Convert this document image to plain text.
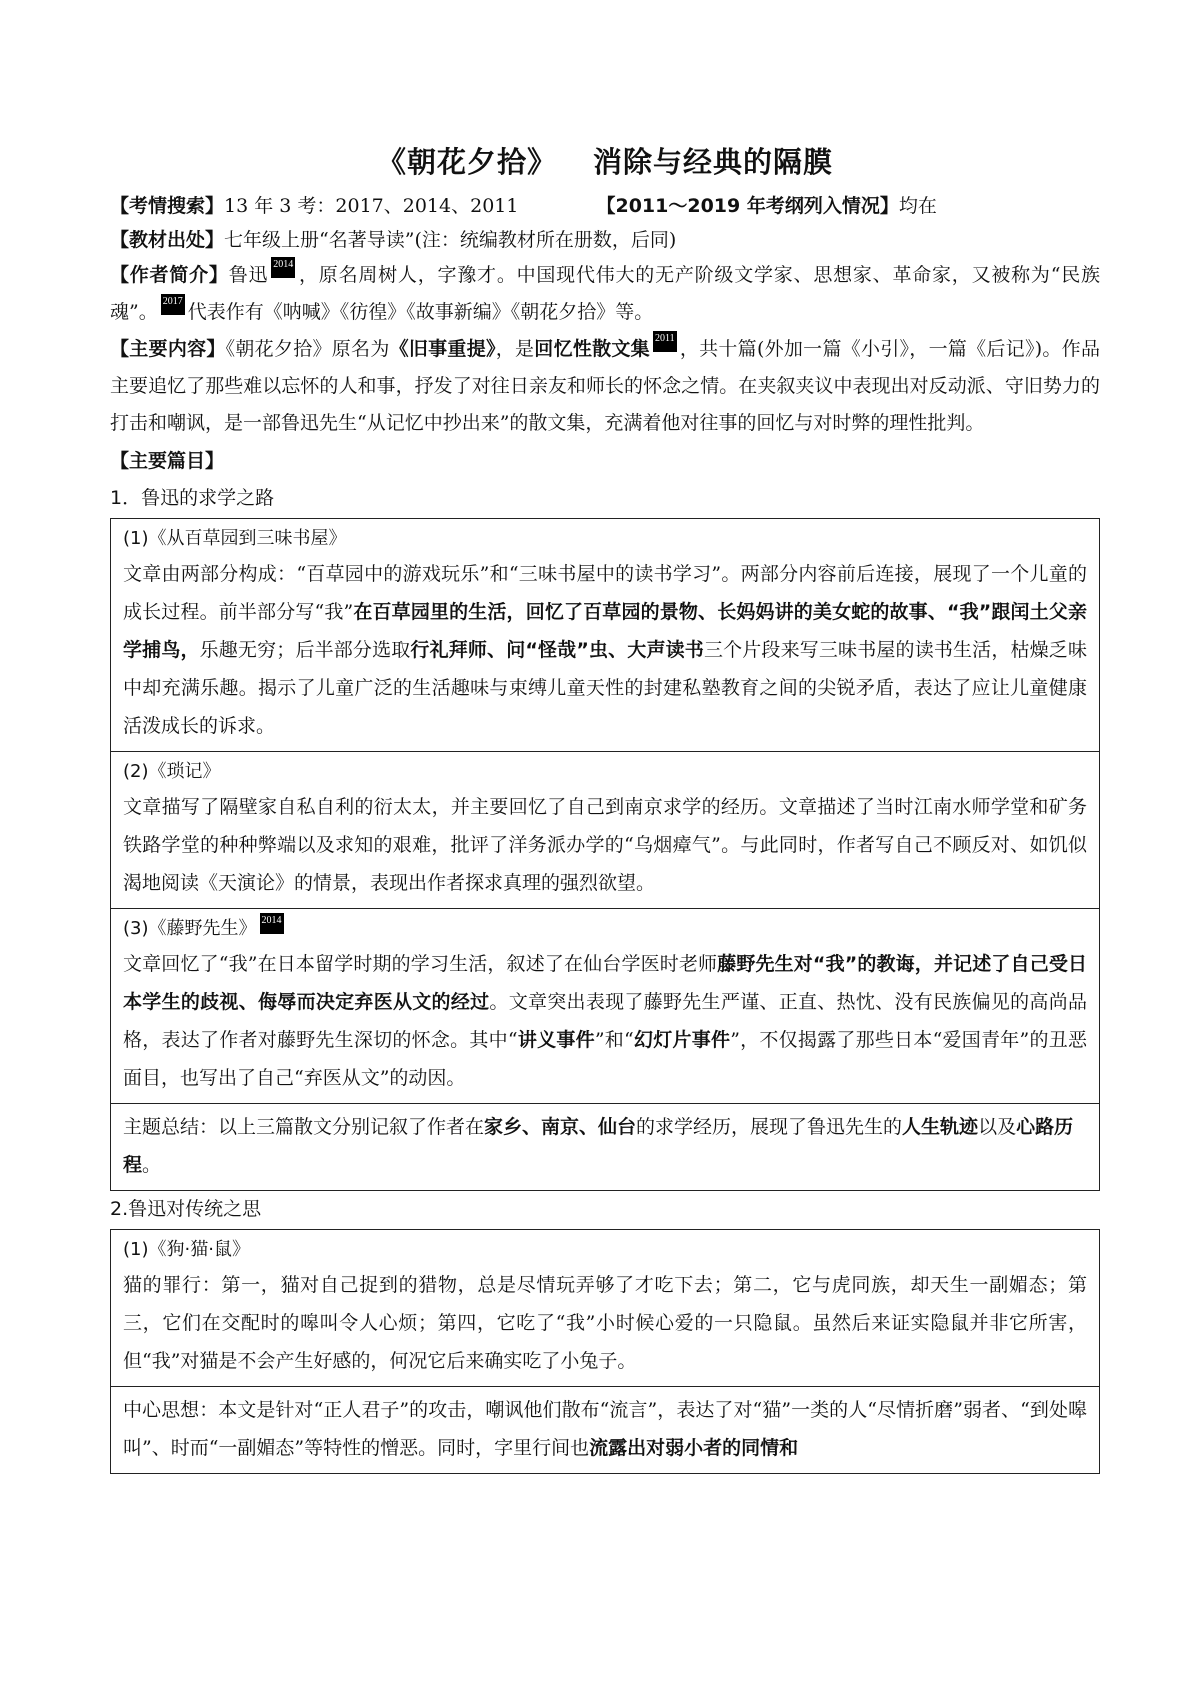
《朝花夕拾》 消除与经典的隔膜

【考情搜索】13 年 3 考：2017、2014、2011	【2011～2019 年考纲列入情况】均在

【教材出处】七年级上册“名著导读”(注：统编教材所在册数，后同)

【作者简介】鲁迅 2014 ，原名周树人，字豫才。中国现代伟大的无产阶级文学家、思想家、革命家，又被称为“民族魂”。 2017 代表作有《呐喊》《彷徨》《故事新编》《朝花夕拾》等。

【主要内容】《朝花夕拾》原名为《旧事重提》，是回忆性散文集 2011 ，共十篇(外加一篇《小引》，一篇《后记》)。作品主要追忆了那些难以忘怀的人和事，抒发了对往日亲友和师长的怀念之情。在夹叙夹议中表现出对反动派、守旧势力的打击和嘲讽，是一部鲁迅先生“从记忆中抄出来”的散文集，充满着他对往事的回忆与对时弊的理性批判。

【主要篇目】

1．鲁迅的求学之路

(1)《从百草园到三味书屋》
文章由两部分构成：“百草园中的游戏玩乐”和“三味书屋中的读书学习”。两部分内容前后连接，展现了一个儿童的成长过程。前半部分写“我”在百草园里的生活，回忆了百草园的景物、长妈妈讲的美女蛇的故事、“我”跟闰土父亲学捕鸟，乐趣无穷；后半部分选取行礼拜师、问“怪哉”虫、大声读书三个片段来写三味书屋的读书生活，枯燥乏味中却充满乐趣。揭示了儿童广泛的生活趣味与束缚儿童天性的封建私塾教育之间的尖锐矛盾，表达了应让儿童健康活泼成长的诉求。
(2)《琐记》
文章描写了隔壁家自私自利的衍太太，并主要回忆了自己到南京求学的经历。文章描述了当时江南水师学堂和矿务铁路学堂的种种弊端以及求知的艰难，批评了洋务派办学的“乌烟瘴气”。与此同时，作者写自己不顾反对、如饥似渴地阅读《天演论》的情景，表现出作者探求真理的强烈欲望。
(3)《藤野先生》 2014
文章回忆了“我”在日本留学时期的学习生活，叙述了在仙台学医时老师藤野先生对“我”的教诲，并记述了自己受日本学生的歧视、侮辱而决定弃医从文的经过。文章突出表现了藤野先生严谨、正直、热忱、没有民族偏见的高尚品格，表达了作者对藤野先生深切的怀念。其中“讲义事件”和“幻灯片事件”，不仅揭露了那些日本“爱国青年”的丑恶面目，也写出了自己“弃医从文”的动因。
主题总结：以上三篇散文分别记叙了作者在家乡、南京、仙台的求学经历，展现了鲁迅先生的人生轨迹以及心路历程。

2.鲁迅对传统之思

(1)《狗·猫·鼠》
猫的罪行：第一，猫对自己捉到的猎物，总是尽情玩弄够了才吃下去；第二，它与虎同族，却天生一副媚态；第三，它们在交配时的嗥叫令人心烦；第四，它吃了“我”小时候心爱的一只隐鼠。虽然后来证实隐鼠并非它所害，但“我”对猫是不会产生好感的，何况它后来确实吃了小兔子。
中心思想：本文是针对“正人君子”的攻击，嘲讽他们散布“流言”，表达了对“猫”一类的人“尽情折磨”弱者、“到处嗥叫”、时而“一副媚态”等特性的憎恶。同时，字里行间也流露出对弱小者的同情和
